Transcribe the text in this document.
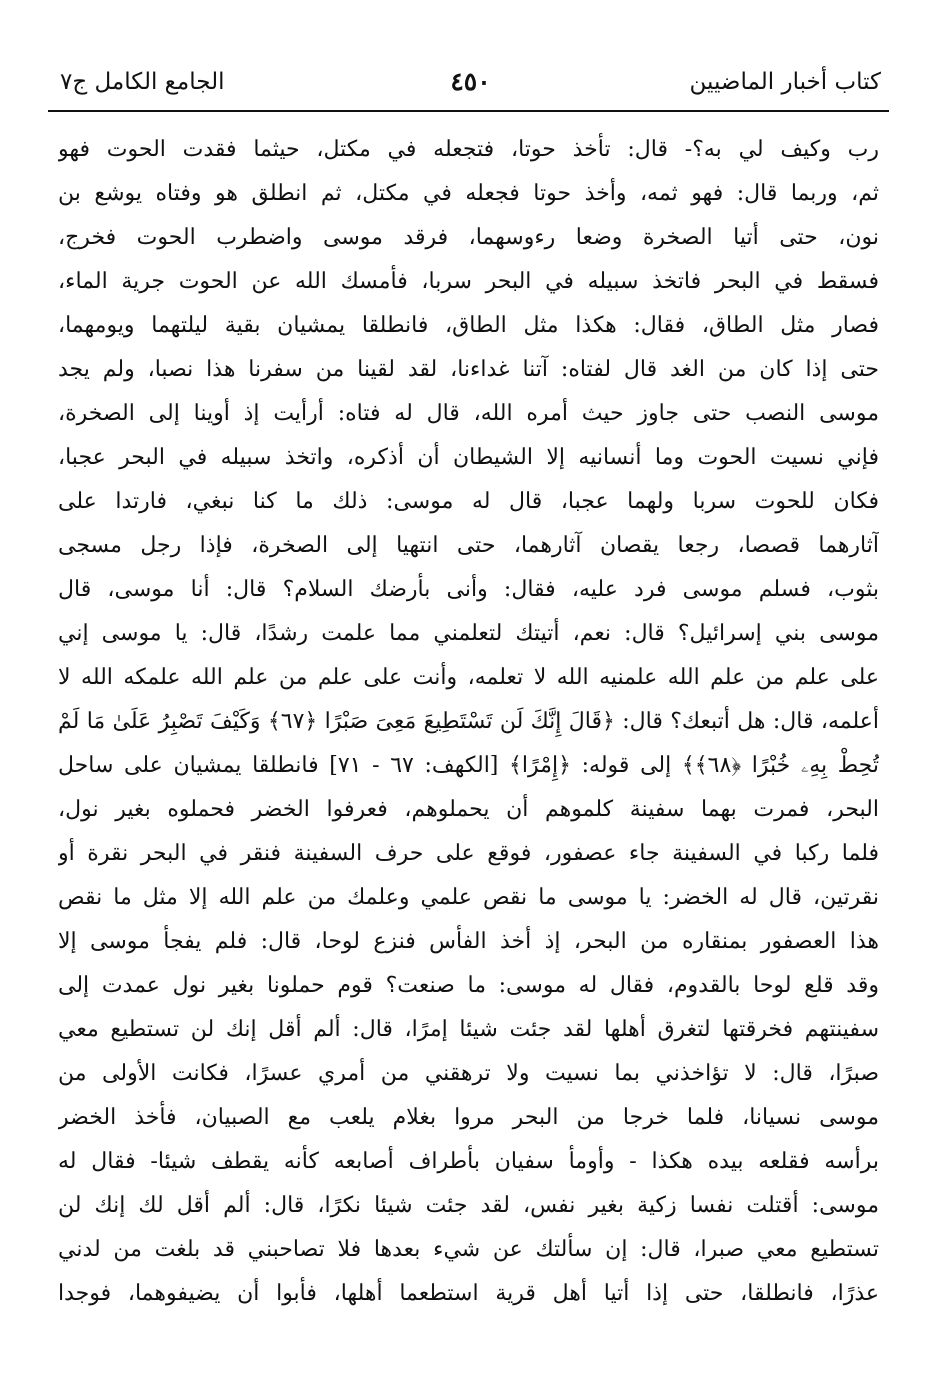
كتاب أخبار الماضيين
٤٥٠
الجامع الكامل ج٧
رب وكيف لي به؟- قال: تأخذ حوتا، فتجعله في مكتل، حيثما فقدت الحوت فهو
ثم، وربما قال: فهو ثمه، وأخذ حوتا فجعله في مكتل، ثم انطلق هو وفتاه يوشع بن
نون، حتى أتيا الصخرة وضعا رءوسهما، فرقد موسى واضطرب الحوت فخرج،
فسقط في البحر فاتخذ سبيله في البحر سربا، فأمسك الله عن الحوت جرية الماء،
فصار مثل الطاق، فقال: هكذا مثل الطاق، فانطلقا يمشيان بقية ليلتهما ويومهما،
حتى إذا كان من الغد قال لفتاه: آتنا غداءنا، لقد لقينا من سفرنا هذا نصبا، ولم يجد
موسى النصب حتى جاوز حيث أمره الله، قال له فتاه: أرأيت إذ أوينا إلى الصخرة،
فإني نسيت الحوت وما أنسانيه إلا الشيطان أن أذكره، واتخذ سبيله في البحر عجبا،
فكان للحوت سربا ولهما عجبا، قال له موسى: ذلك ما كنا نبغي، فارتدا على
آثارهما قصصا، رجعا يقصان آثارهما، حتى انتهيا إلى الصخرة، فإذا رجل مسجى
بثوب، فسلم موسى فرد عليه، فقال: وأنى بأرضك السلام؟ قال: أنا موسى، قال
موسى بني إسرائيل؟ قال: نعم، أتيتك لتعلمني مما علمت رشدًا، قال: يا موسى إني
على علم من علم الله علمنيه الله لا تعلمه، وأنت على علم من علم الله علمكه الله لا
أعلمه، قال: هل أتبعك؟ قال: ﴿قَالَ إِنَّكَ لَن تَسْتَطِيعَ مَعِىَ صَبْرًا ﴿٦٧﴾ وَكَيْفَ تَصْبِرُ عَلَىٰ مَا لَمْ
تُحِطْ بِهِۦ خُبْرًا ﴿٦٨﴾﴾ إلى قوله: ﴿إِمْرًا﴾ [الكهف: ٦٧ - ٧١] فانطلقا يمشيان على ساحل
البحر، فمرت بهما سفينة كلموهم أن يحملوهم، فعرفوا الخضر فحملوه بغير نول،
فلما ركبا في السفينة جاء عصفور، فوقع على حرف السفينة فنقر في البحر نقرة أو
نقرتين، قال له الخضر: يا موسى ما نقص علمي وعلمك من علم الله إلا مثل ما نقص
هذا العصفور بمنقاره من البحر، إذ أخذ الفأس فنزع لوحا، قال: فلم يفجأ موسى إلا
وقد قلع لوحا بالقدوم، فقال له موسى: ما صنعت؟ قوم حملونا بغير نول عمدت إلى
سفينتهم فخرقتها لتغرق أهلها لقد جئت شيئا إمرًا، قال: ألم أقل إنك لن تستطيع معي
صبرًا، قال: لا تؤاخذني بما نسيت ولا ترهقني من أمري عسرًا، فكانت الأولى من
موسى نسيانا، فلما خرجا من البحر مروا بغلام يلعب مع الصبيان، فأخذ الخضر
برأسه فقلعه بيده هكذا - وأومأ سفيان بأطراف أصابعه كأنه يقطف شيئا- فقال له
موسى: أقتلت نفسا زكية بغير نفس، لقد جئت شيئا نكرًا، قال: ألم أقل لك إنك لن
تستطيع معي صبرا، قال: إن سألتك عن شيء بعدها فلا تصاحبني قد بلغت من لدني
عذرًا، فانطلقا، حتى إذا أتيا أهل قرية استطعما أهلها، فأبوا أن يضيفوهما، فوجدا
